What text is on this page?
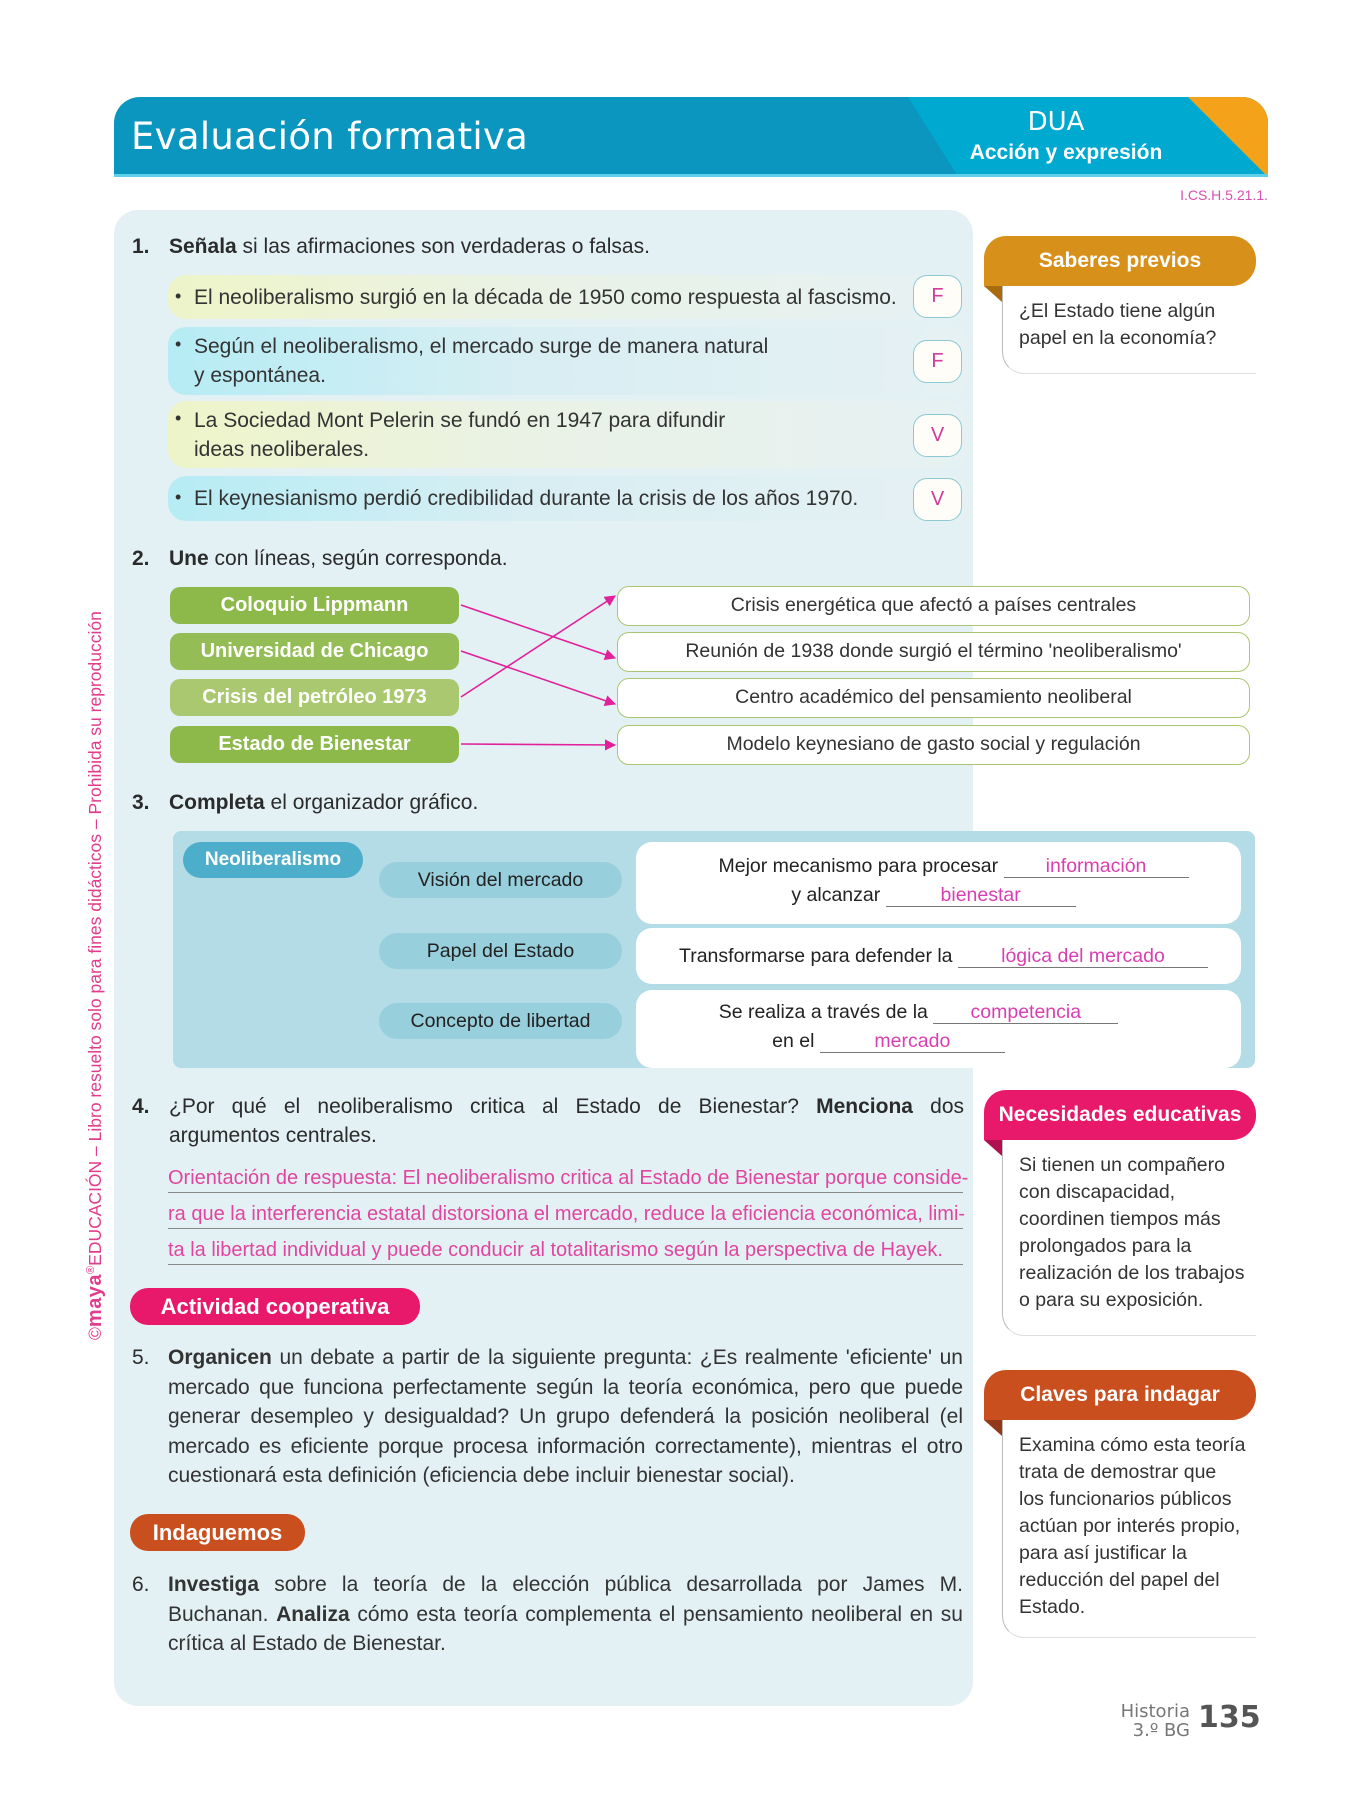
Evaluación formativa	DUA
Acción y expresión
I.CS.H.5.21.1.
©maya®EDUCACIÓN – Libro resuelto solo para fines didácticos – Prohibida su reproducción
1. Señala si las afirmaciones son verdaderas o falsas.
• El neoliberalismo surgió en la década de 1950 como respuesta al fascismo.	F
• Según el neoliberalismo, el mercado surge de manera natural
y espontánea.
F
• La Sociedad Mont Pelerin se fundó en 1947 para difundir
ideas neoliberales.
V
• El keynesianismo perdió credibilidad durante la crisis de los años 1970.	V
2. Une con líneas, según corresponda.
Coloquio Lippmann
Universidad de Chicago
Crisis del petróleo 1973
Estado de Bienestar
Crisis energética que afectó a países centrales
Reunión de 1938 donde surgió el término 'neoliberalismo'
Centro académico del pensamiento neoliberal
Modelo keynesiano de gasto social y regulación
3. Completa el organizador gráfico.
Neoliberalismo
Visión del mercado
Papel del Estado
Concepto de libertad
Mejor mecanismo para procesar información
y alcanzar	bienestar
Transformarse para defender la lógica del mercado
Se realiza a través de la competencia
en el	mercado
4. ¿Por qué el neoliberalismo critica al Estado de Bienestar? Menciona dos
argumentos centrales.
Orientación de respuesta: El neoliberalismo critica al Estado de Bienestar porque conside-
ra que la interferencia estatal distorsiona el mercado, reduce la eficiencia económica, limi-
ta la libertad individual y puede conducir al totalitarismo según la perspectiva de Hayek.
Actividad cooperativa
5. Organicen un debate a partir de la siguiente pregunta: ¿Es realmente 'eficiente' un mercado que funciona perfectamente según la teoría económica, pero que puede generar desempleo y desigualdad? Un grupo defenderá la posición neoliberal (el mercado es eficiente porque procesa información correctamente), mientras el otro cuestionará esta definición (eficiencia debe incluir bienestar social).
Indaguemos
6. Investiga sobre la teoría de la elección pública desarrollada por James M. Buchanan. Analiza cómo esta teoría complementa el pensamiento neoliberal en su crítica al Estado de Bienestar.
Saberes previos
¿El Estado tiene algún papel en la economía?
Necesidades educativas
Si tienen un compañero con discapacidad, coordinen tiempos más prolongados para la realización de los trabajos o para su exposición.
Claves para indagar
Examina cómo esta teoría trata de demostrar que los funcionarios públicos actúan por interés propio, para así justificar la reducción del papel del Estado.
Historia
3.º BG 135
